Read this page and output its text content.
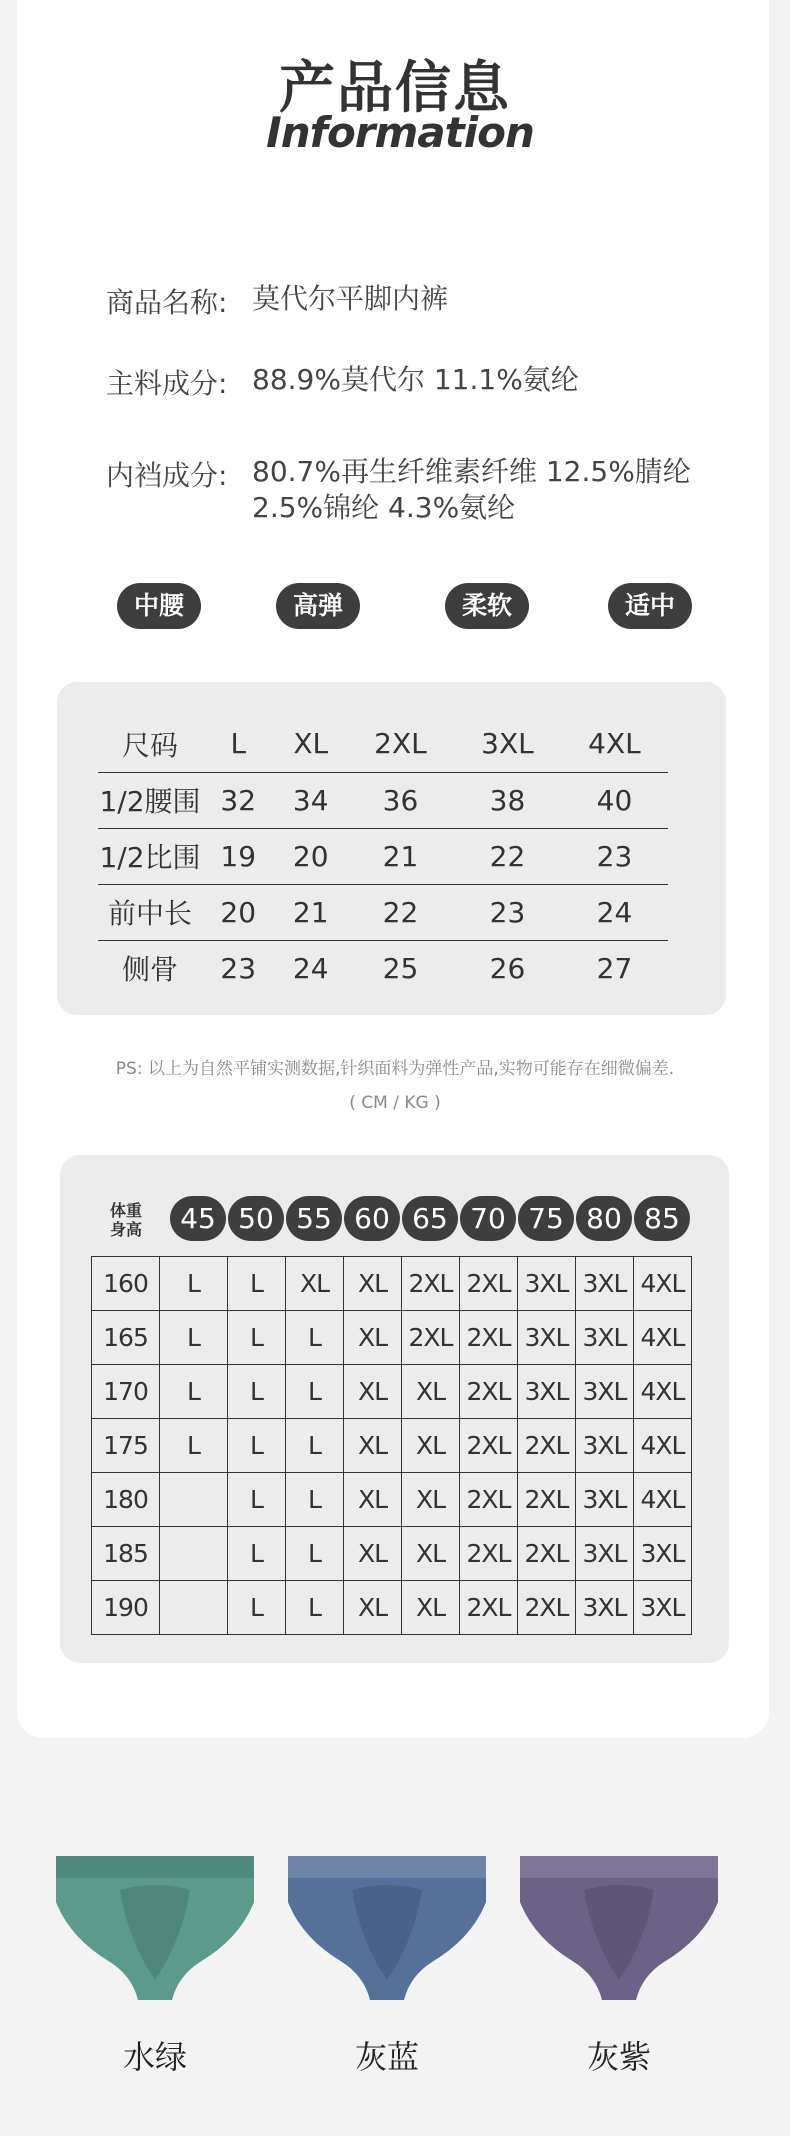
产品信息
Information
商品名称: 莫代尔平脚内裤
主料成分: 88.9%莫代尔 11.1%氨纶
内裆成分: 80.7%再生纤维素纤维 12.5%腈纶
2.5%锦纶 4.3%氨纶
中腰	高弹	柔软	适中
尺码	L	XL	2XL	3XL	4XL
1/2腰围	32	34	36	38	40
1/2比围	19	20	21	22	23
前中长	20	21	22	23	24
侧骨	23	24	25	26	27
PS: 以上为自然平铺实测数据,针织面料为弹性产品,实物可能存在细微偏差.
( CM / KG )
体重
身高	45 50 55 60 65 70 75 80 85
160	L	L	XL	XL	2XL	2XL	3XL	3XL	4XL
165	L	L	L	XL	2XL	2XL	3XL	3XL	4XL
170	L	L	L	XL	XL	2XL	3XL	3XL	4XL
175	L	L	L	XL	XL	2XL	2XL	3XL	4XL
180		L	L	XL	XL	2XL	2XL	3XL	4XL
185		L	L	XL	XL	2XL	2XL	3XL	3XL
190		L	L	XL	XL	2XL	2XL	3XL	3XL
水绿	灰蓝	灰紫
